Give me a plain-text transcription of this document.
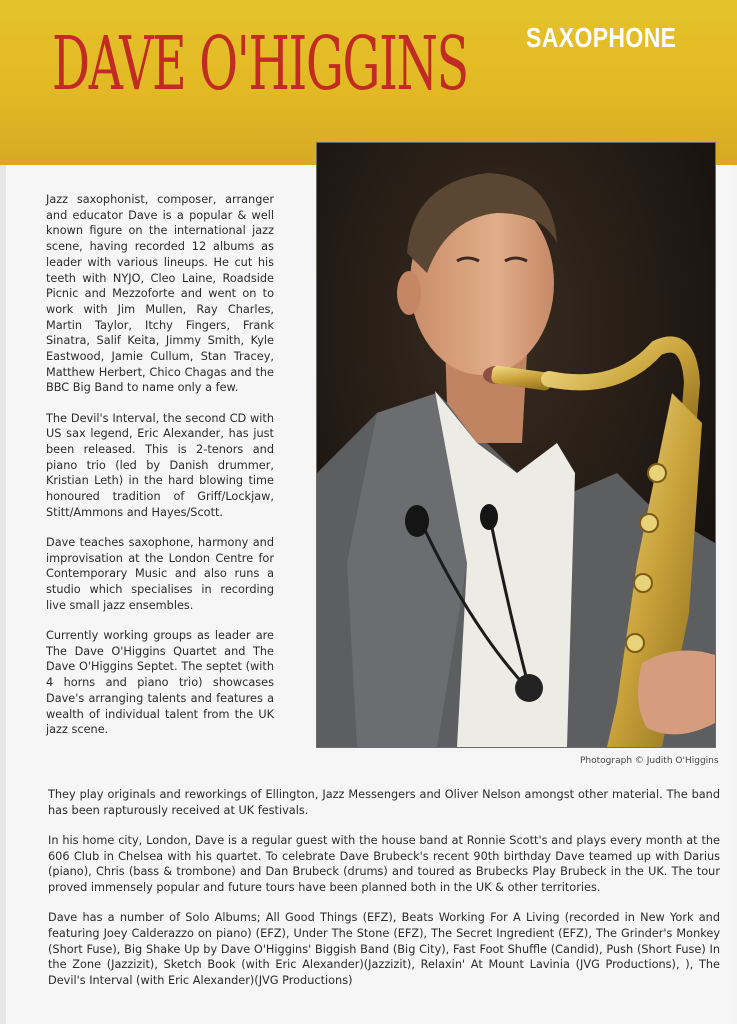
DAVE O'HIGGINS SAXOPHONE
Photograph © Judith O'Higgins

Jazz saxophonist, composer, arranger and educator Dave is a popular & well known figure on the international jazz scene, having recorded 12 albums as leader with various lineups. He cut his teeth with NYJO, Cleo Laine, Roadside Picnic and Mezzoforte and went on to work with Jim Mullen, Ray Charles, Martin Taylor, Itchy Fingers, Frank Sinatra, Salif Keita, Jimmy Smith, Kyle Eastwood, Jamie Cullum, Stan Tracey, Matthew Herbert, Chico Chagas and the BBC Big Band to name only a few.

The Devil's Interval, the second CD with US sax legend, Eric Alexander, has just been released. This is 2-tenors and piano trio (led by Danish drummer, Kristian Leth) in the hard blowing time honoured tradition of Griff/Lockjaw, Stitt/Ammons and Hayes/Scott.

Dave teaches saxophone, harmony and improvisation at the London Centre for Contemporary Music and also runs a studio which specialises in recording live small jazz ensembles.

Currently working groups as leader are The Dave O'Higgins Quartet and The Dave O'Higgins Septet. The septet (with 4 horns and piano trio) showcases Dave's arranging talents and features a wealth of individual talent from the UK jazz scene.

They play originals and reworkings of Ellington, Jazz Messengers and Oliver Nelson amongst other material. The band has been rapturously received at UK festivals.

In his home city, London, Dave is a regular guest with the house band at Ronnie Scott's and plays every month at the 606 Club in Chelsea with his quartet. To celebrate Dave Brubeck's recent 90th birthday Dave teamed up with Darius (piano), Chris (bass & trombone) and Dan Brubeck (drums) and toured as Brubecks Play Brubeck in the UK. The tour proved immensely popular and future tours have been planned both in the UK & other territories.

Dave has a number of Solo Albums; All Good Things (EFZ), Beats Working For A Living (recorded in New York and featuring Joey Calderazzo on piano) (EFZ), Under The Stone (EFZ), The Secret Ingredient (EFZ), The Grinder's Monkey (Short Fuse), Big Shake Up by Dave O'Higgins' Biggish Band (Big City), Fast Foot Shuffle (Candid), Push (Short Fuse) In the Zone (Jazzizit), Sketch Book (with Eric Alexander)(Jazzizit), Relaxin' At Mount Lavinia (JVG Productions), ), The Devil's Interval (with Eric Alexander)(JVG Productions)
